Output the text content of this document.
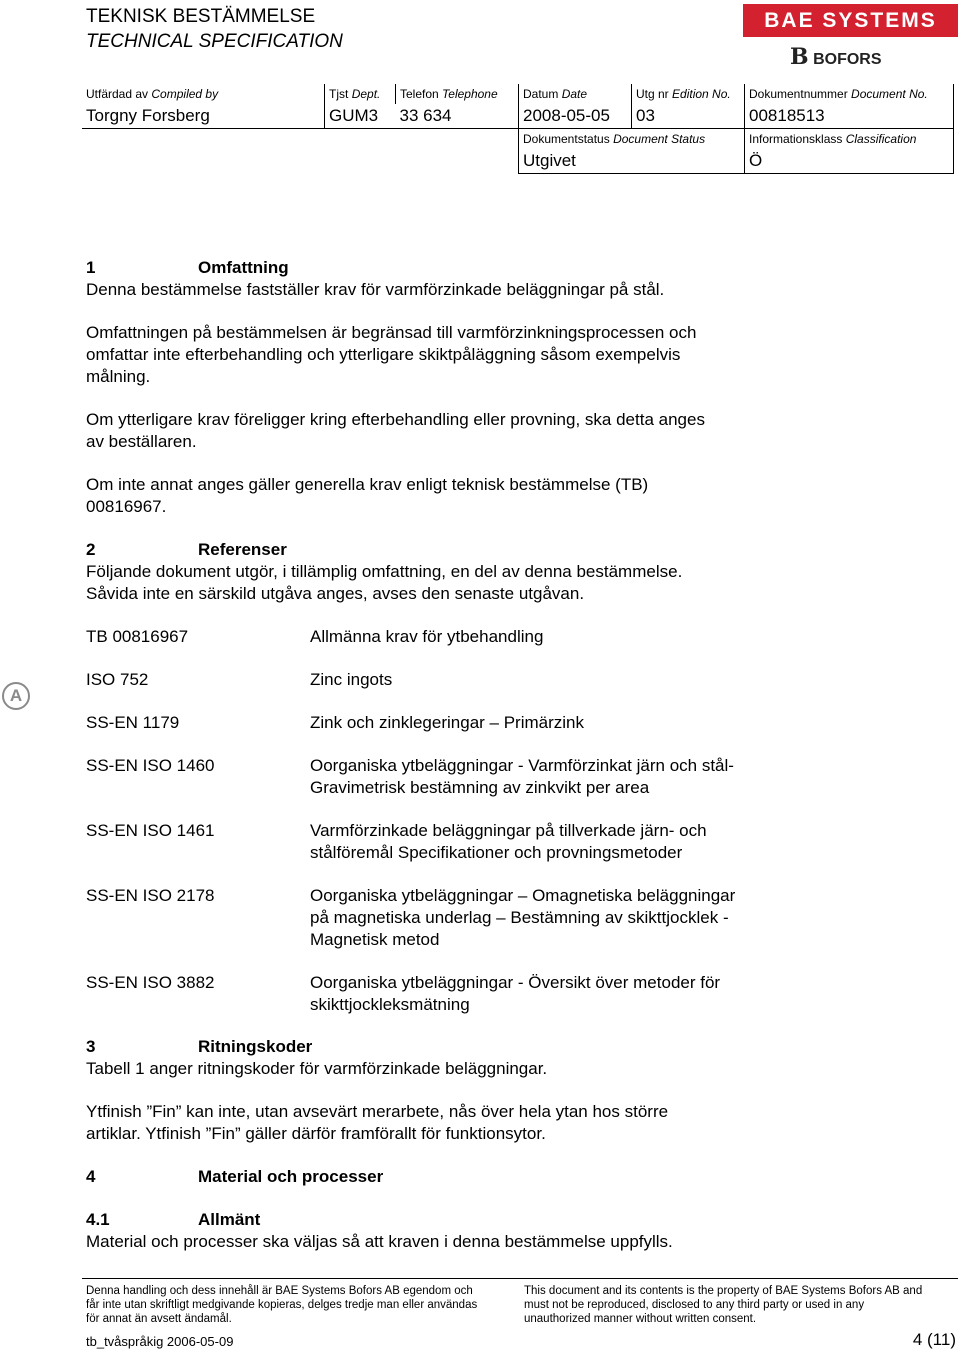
TEKNISK BESTÄMMELSE
TECHNICAL SPECIFICATION
BAE SYSTEMS
B BOFORS
Utfärdad av Compiled by	Tjst Dept.	Telefon Telephone	Datum Date	Utg nr Edition No.	Dokumentnummer Document No.
Torgny Forsberg	GUM3	33 634	2008-05-05	03	00818513
			Dokumentstatus Document Status		Informationsklass Classification
			Utgivet		Ö
A
1	Omfattning

Denna bestämmelse fastställer krav för varmförzinkade beläggningar på stål.

Omfattningen på bestämmelsen är begränsad till varmförzinkningsprocessen och

omfattar inte efterbehandling och ytterligare skiktpåläggning såsom exempelvis

målning.

Om ytterligare krav föreligger kring efterbehandling eller provning, ska detta anges

av beställaren.

Om inte annat anges gäller generella krav enligt teknisk bestämmelse (TB)

00816967.

2	Referenser

Följande dokument utgör, i tillämplig omfattning, en del av denna bestämmelse.

Såvida inte en särskild utgåva anges, avses den senaste utgåvan.

TB 00816967	Allmänna krav för ytbehandling
ISO 752	Zinc ingots
SS-EN 1179	Zink och zinklegeringar – Primärzink
SS-EN ISO 1460	Oorganiska ytbeläggningar - Varmförzinkat järn och stål-
Gravimetrisk bestämning av zinkvikt per area
SS-EN ISO 1461	Varmförzinkade beläggningar på tillverkade järn- och
stålföremål Specifikationer och provningsmetoder
SS-EN ISO 2178	Oorganiska ytbeläggningar – Omagnetiska beläggningar
på magnetiska underlag – Bestämning av skikttjocklek -
Magnetisk metod
SS-EN ISO 3882	Oorganiska ytbeläggningar - Översikt över metoder för
skikttjockleksmätning
3	Ritningskoder

Tabell 1 anger ritningskoder för varmförzinkade beläggningar.

Ytfinish ”Fin” kan inte, utan avsevärt merarbete, nås över hela ytan hos större

artiklar. Ytfinish ”Fin” gäller därför framförallt för funktionsytor.

4	Material och processer
4.1	Allmänt

Material och processer ska väljas så att kraven i denna bestämmelse uppfylls.

Denna handling och dess innehåll är BAE Systems Bofors AB egendom och
får inte utan skriftligt medgivande kopieras, delges tredje man eller användas
för annat än avsett ändamål.
This document and its contents is the property of BAE Systems Bofors AB and
must not be reproduced, disclosed to any third party or used in any
unauthorized manner without written consent.
tb_tvåspråkig 2006-05-09	4 (11)
